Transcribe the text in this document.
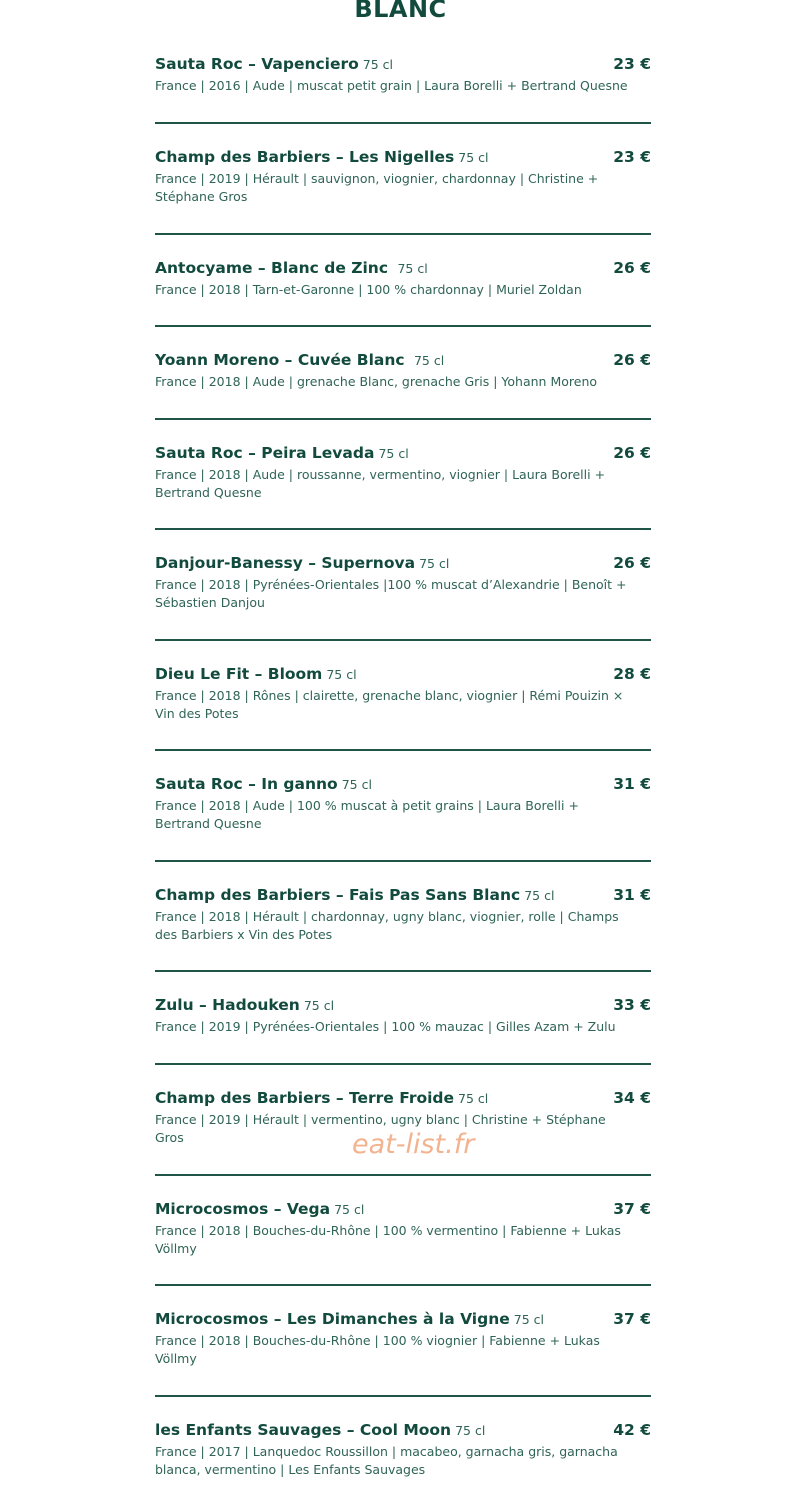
BLANC
Sauta Roc – Vapenciero 75 cl	23 €
France | 2016 | Aude | muscat petit grain | Laura Borelli + Bertrand Quesne
Champ des Barbiers – Les Nigelles 75 cl	23 €
France | 2019 | Hérault | sauvignon, viognier, chardonnay | Christine + Stéphane Gros
Antocyame – Blanc de Zinc 75 cl	26 €
France | 2018 | Tarn-et-Garonne | 100 % chardonnay | Muriel Zoldan
Yoann Moreno – Cuvée Blanc 75 cl	26 €
France | 2018 | Aude | grenache Blanc, grenache Gris | Yohann Moreno
Sauta Roc – Peira Levada 75 cl	26 €
France | 2018 | Aude | roussanne, vermentino, viognier | Laura Borelli + Bertrand Quesne
Danjour-Banessy – Supernova 75 cl	26 €
France | 2018 | Pyrénées-Orientales |100 % muscat d’Alexandrie | Benoît + Sébastien Danjou
Dieu Le Fit – Bloom 75 cl	28 €
France | 2018 | Rônes | clairette, grenache blanc, viognier | Rémi Pouizin × Vin des Potes
Sauta Roc – In ganno 75 cl	31 €
France | 2018 | Aude | 100 % muscat à petit grains | Laura Borelli + Bertrand Quesne
Champ des Barbiers – Fais Pas Sans Blanc 75 cl	31 €
France | 2018 | Hérault | chardonnay, ugny blanc, viognier, rolle | Champs des Barbiers x Vin des Potes
Zulu – Hadouken 75 cl	33 €
France | 2019 | Pyrénées-Orientales | 100 % mauzac | Gilles Azam + Zulu
Champ des Barbiers – Terre Froide 75 cl	34 €
France | 2019 | Hérault | vermentino, ugny blanc | Christine + Stéphane Gros
Microcosmos – Vega 75 cl	37 €
France | 2018 | Bouches-du-Rhône | 100 % vermentino | Fabienne + Lukas Völlmy
Microcosmos – Les Dimanches à la Vigne 75 cl	37 €
France | 2018 | Bouches-du-Rhône | 100 % viognier | Fabienne + Lukas Völlmy
les Enfants Sauvages – Cool Moon 75 cl	42 €
France | 2017 | Lanquedoc Roussillon | macabeo, garnacha gris, garnacha blanca, vermentino | Les Enfants Sauvages
eat-list.fr
